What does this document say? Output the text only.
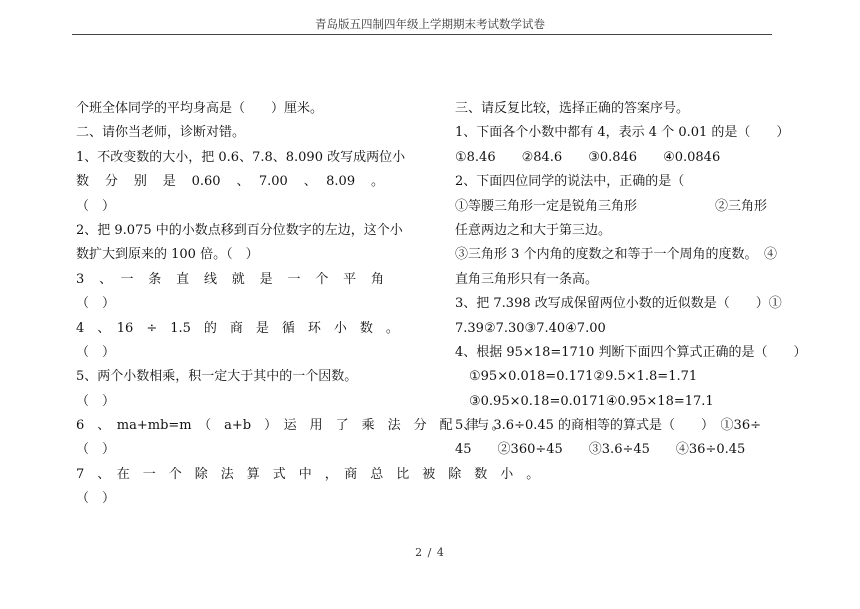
青岛版五四制四年级上学期期末考试数学试卷
个班全体同学的平均身高是（　　）厘米。
二、请你当老师，诊断对错。
1、不改变数的大小，把 0.6、7.8、8.090 改写成两位小
数　分　别　是　0.60　、　7.00　、　8.09　。
（　）
2、把 9.075 中的小数点移到百分位数字的左边，这个小
数扩大到原来的 100 倍。（　）
3　、　一　条　直　线　就　是　一　个　平　角
（　）
4　、　16　÷　1.5　的　商　是　循　环　小　数　。
（　）
5、两个小数相乘，积一定大于其中的一个因数。
（　）
6　、　ma+mb=m　（　a+b　）　运　用　了　乘　法　分　配　律　。
（　）
7　、　在　一　个　除　法　算　式　中　，　商　总　比　被　除　数　小　。
（　）
三、请反复比较，选择正确的答案序号。
1、下面各个小数中都有 4，表示 4 个 0.01 的是（　　）
①8.46　　②84.6　　③0.846　　④0.0846
2、下面四位同学的说法中，正确的是（
①等腰三角形一定是锐角三角形　　　　　　②三角形
任意两边之和大于第三边。
③三角形 3 个内角的度数之和等于一个周角的度数。　④
直角三角形只有一条高。
3、把 7.398 改写成保留两位小数的近似数是（　　）①
7.39②7.30③7.40④7.00
4、根据 95×18=1710 判断下面四个算式正确的是（　　）
①95×0.018=0.171②9.5×1.8=1.71
③0.95×0.18=0.0171④0.95×18=17.1
5、与 3.6÷0.45 的商相等的算式是（　　）　①36÷
45　　②360÷45　　③3.6÷45　　④36÷0.45
2 / 4
